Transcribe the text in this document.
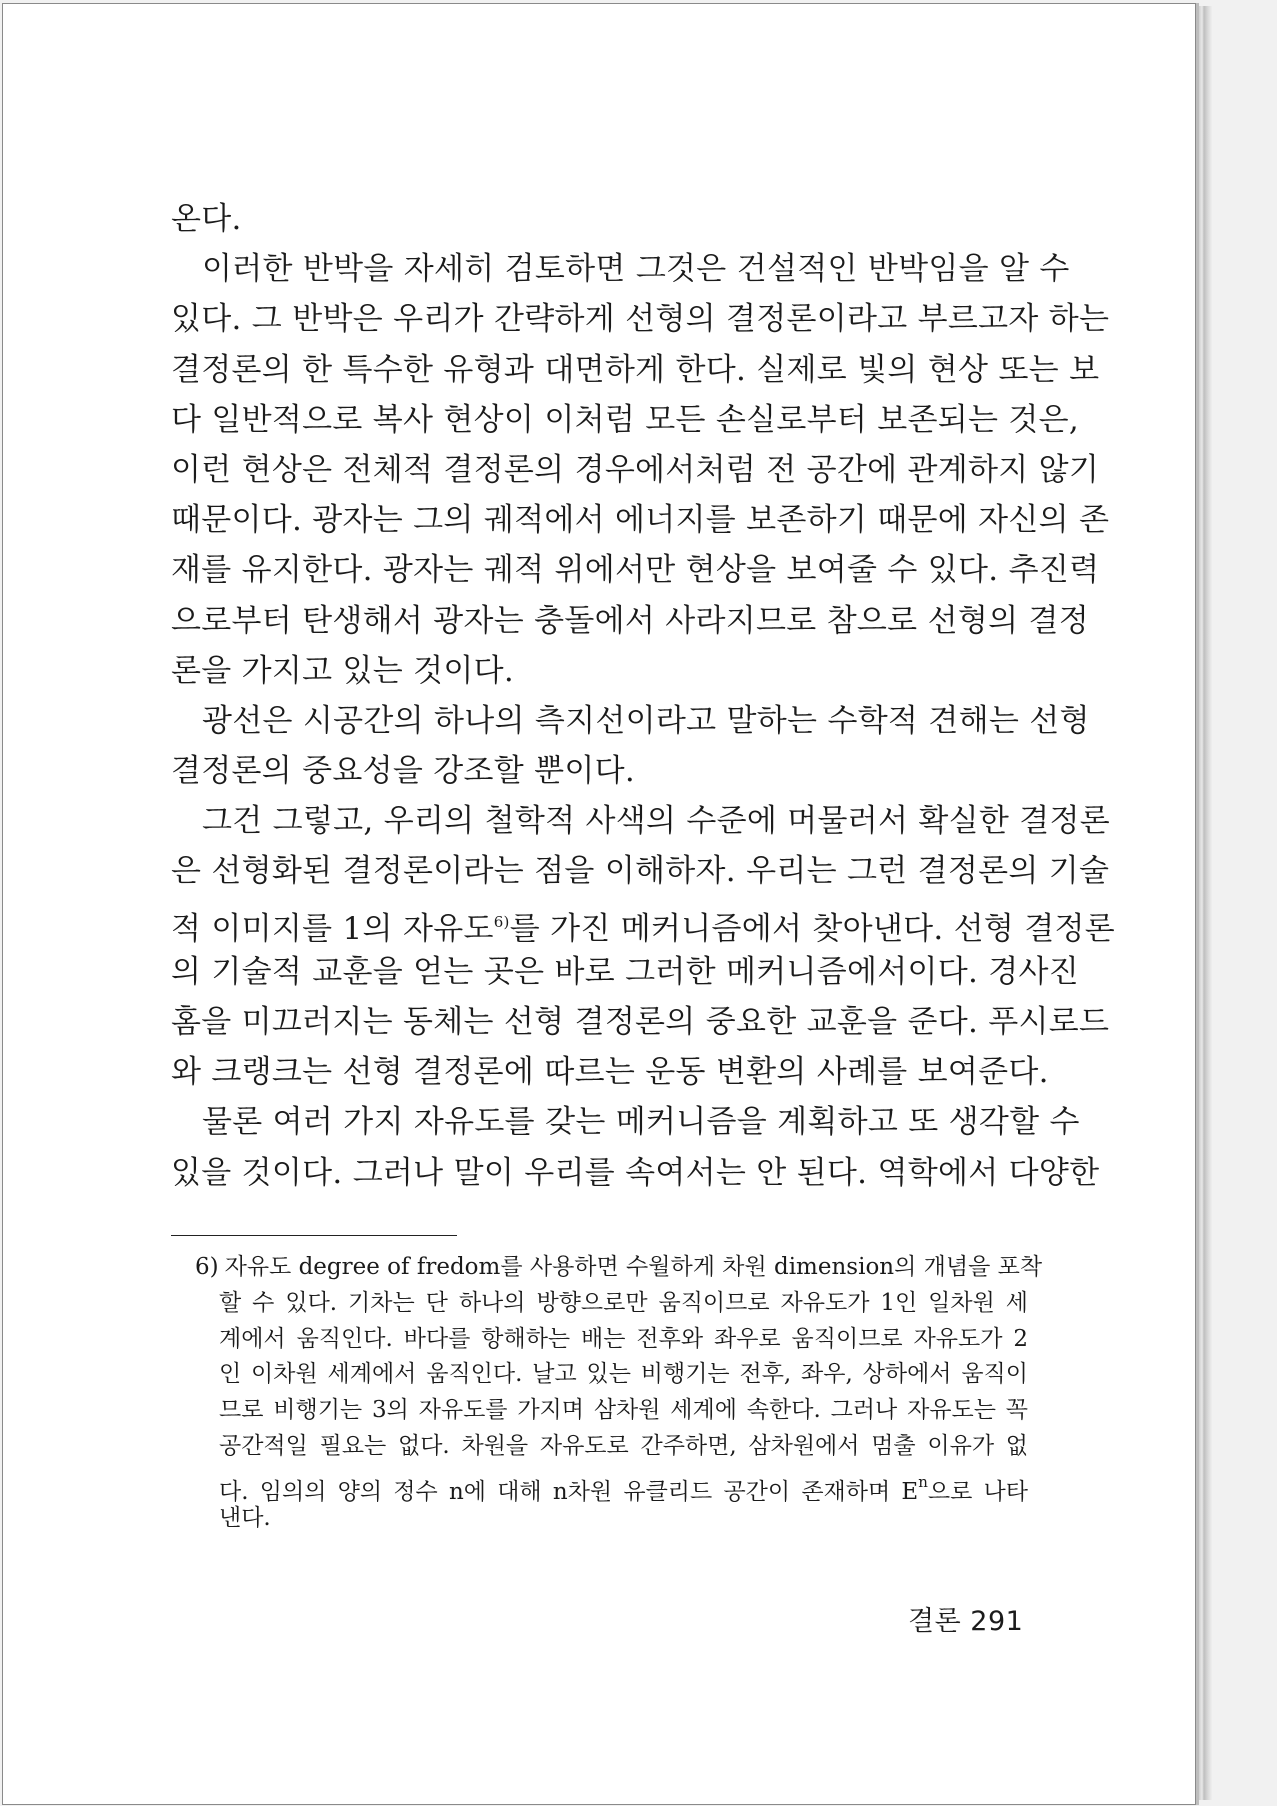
온다.
이러한 반박을 자세히 검토하면 그것은 건설적인 반박임을 알 수
있다. 그 반박은 우리가 간략하게 선형의 결정론이라고 부르고자 하는
결정론의 한 특수한 유형과 대면하게 한다. 실제로 빛의 현상 또는 보
다 일반적으로 복사 현상이 이처럼 모든 손실로부터 보존되는 것은,
이런 현상은 전체적 결정론의 경우에서처럼 전 공간에 관계하지 않기
때문이다. 광자는 그의 궤적에서 에너지를 보존하기 때문에 자신의 존
재를 유지한다. 광자는 궤적 위에서만 현상을 보여줄 수 있다. 추진력
으로부터 탄생해서 광자는 충돌에서 사라지므로 참으로 선형의 결정
론을 가지고 있는 것이다.
광선은 시공간의 하나의 측지선이라고 말하는 수학적 견해는 선형
결정론의 중요성을 강조할 뿐이다.
그건 그렇고, 우리의 철학적 사색의 수준에 머물러서 확실한 결정론
은 선형화된 결정론이라는 점을 이해하자. 우리는 그런 결정론의 기술
적 이미지를 1의 자유도$^{6)}$를 가진 메커니즘에서 찾아낸다. 선형 결정론
의 기술적 교훈을 얻는 곳은 바로 그러한 메커니즘에서이다. 경사진
홈을 미끄러지는 동체는 선형 결정론의 중요한 교훈을 준다. 푸시로드
와 크랭크는 선형 결정론에 따르는 운동 변환의 사례를 보여준다.
물론 여러 가지 자유도를 갖는 메커니즘을 계획하고 또 생각할 수
있을 것이다. 그러나 말이 우리를 속여서는 안 된다. 역학에서 다양한
6) 자유도 degree of fredom를 사용하면 수월하게 차원 dimension의 개념을 포착
할 수 있다. 기차는 단 하나의 방향으로만 움직이므로 자유도가 1인 일차원 세
계에서 움직인다. 바다를 항해하는 배는 전후와 좌우로 움직이므로 자유도가 2
인 이차원 세계에서 움직인다. 날고 있는 비행기는 전후, 좌우, 상하에서 움직이
므로 비행기는 3의 자유도를 가지며 삼차원 세계에 속한다. 그러나 자유도는 꼭
공간적일 필요는 없다. 차원을 자유도로 간주하면, 삼차원에서 멈출 이유가 없
다. 임의의 양의 정수 n에 대해 n차원 유클리드 공간이 존재하며 $E^n$으로 나타
낸다.
결론 291
